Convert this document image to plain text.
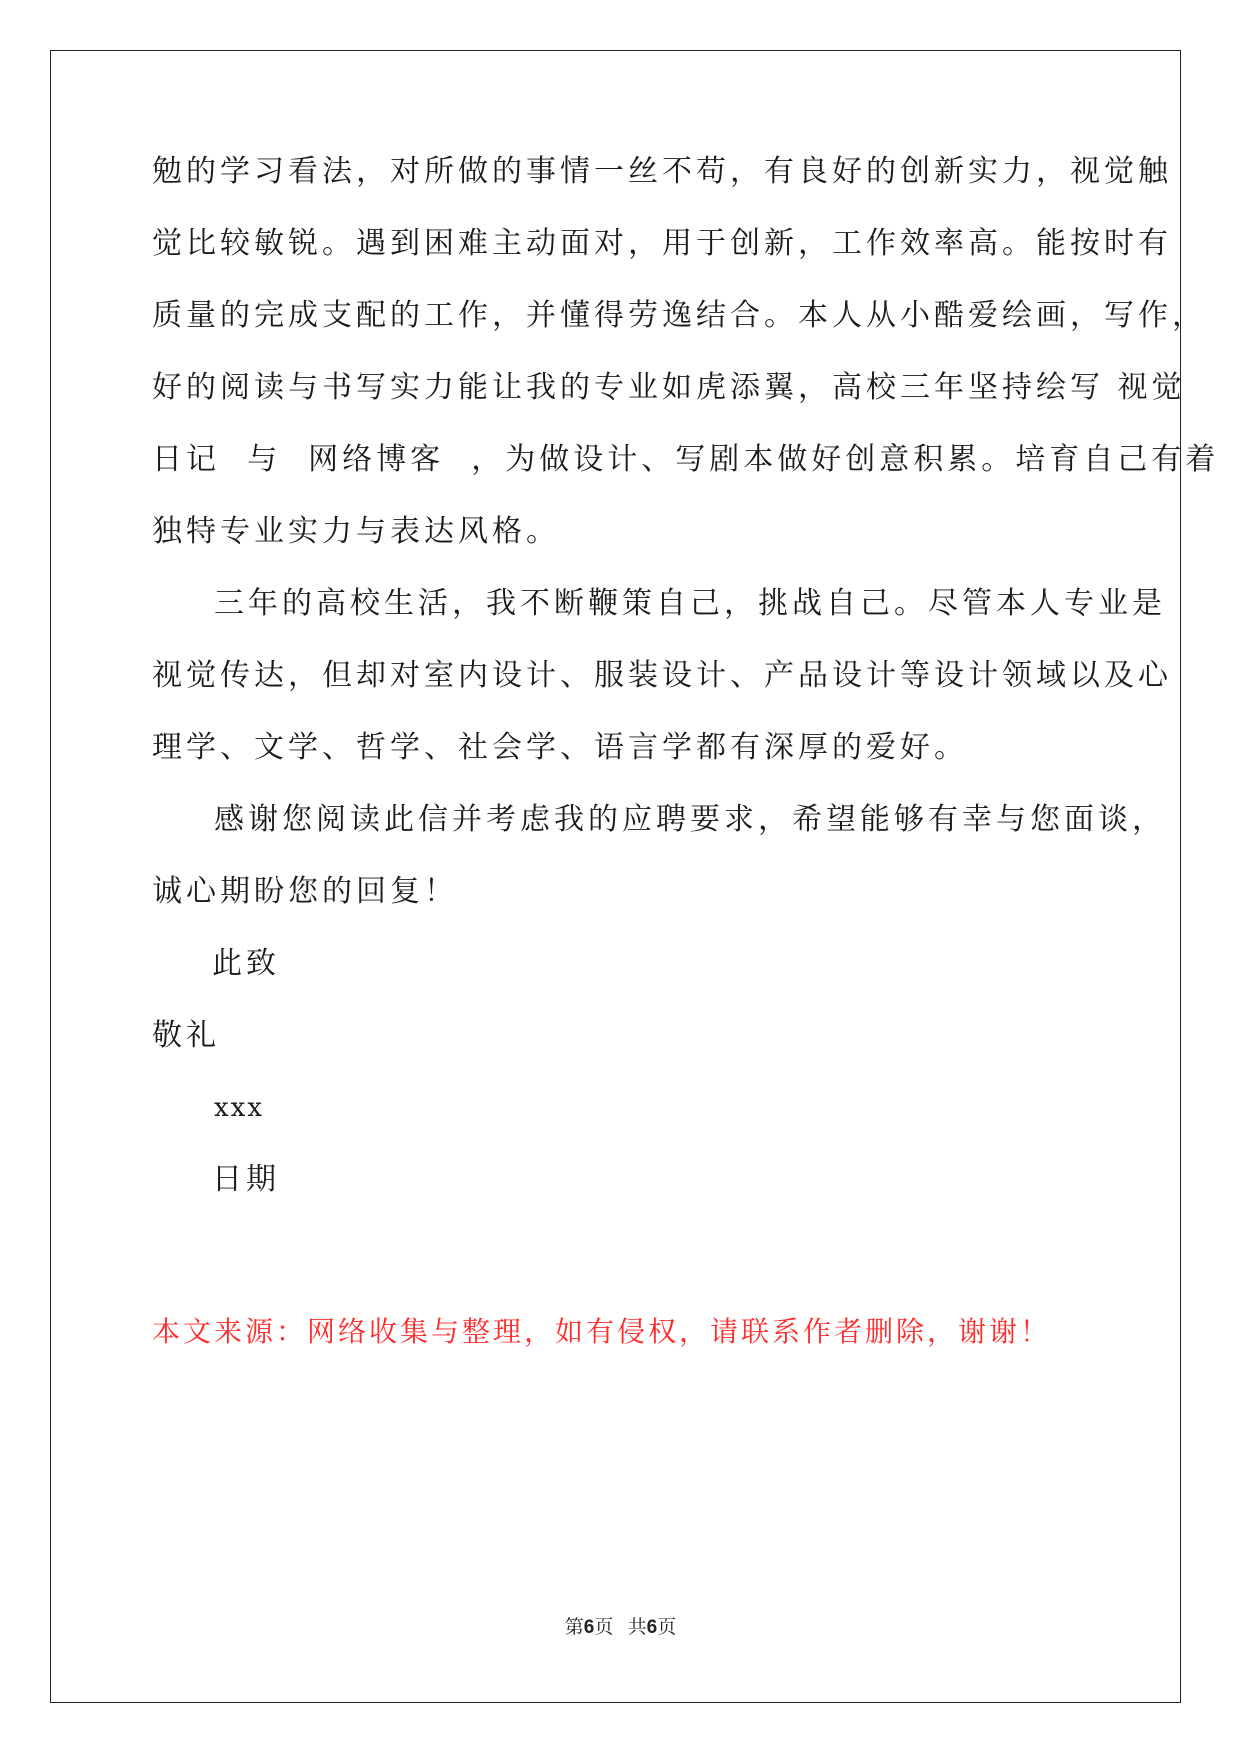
勉的学习看法，对所做的事情一丝不苟，有良好的创新实力，视觉触
觉比较敏锐。遇到困难主动面对，用于创新，工作效率高。能按时有
质量的完成支配的工作，并懂得劳逸结合。本人从小酷爱绘画，写作，
好的阅读与书写实力能让我的专业如虎添翼，高校三年坚持绘写 视觉
日记  与  网络博客  ，为做设计、写剧本做好创意积累。培育自己有着
独特专业实力与表达风格。
三年的高校生活，我不断鞭策自己，挑战自己。尽管本人专业是
视觉传达，但却对室内设计、服装设计、产品设计等设计领域以及心
理学、文学、哲学、社会学、语言学都有深厚的爱好。
感谢您阅读此信并考虑我的应聘要求，希望能够有幸与您面谈，
诚心期盼您的回复！
此致
敬礼
xxx
日期
本文来源：网络收集与整理，如有侵权，请联系作者删除，谢谢！
第6页   共6页
